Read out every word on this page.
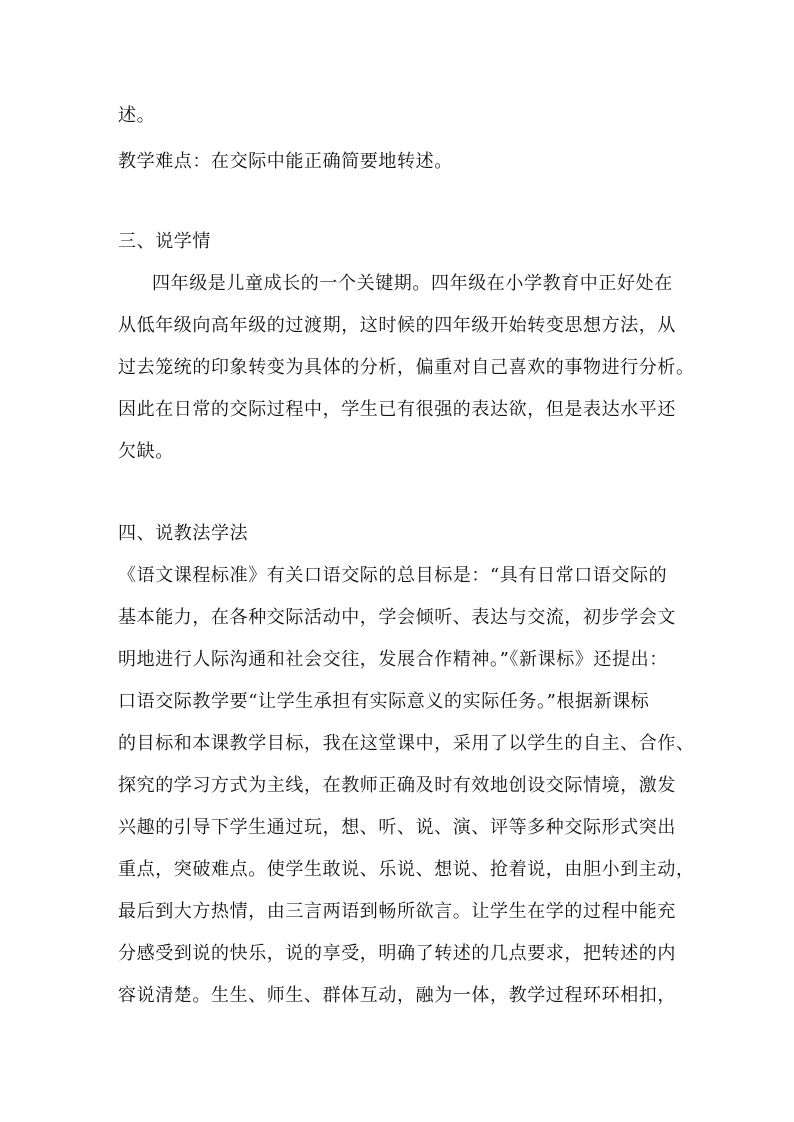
述。
教学难点：在交际中能正确简要地转述。
三、说学情
四年级是儿童成长的一个关键期。四年级在小学教育中正好处在
从低年级向高年级的过渡期，这时候的四年级开始转变思想方法，从
过去笼统的印象转变为具体的分析，偏重对自己喜欢的事物进行分析。
因此在日常的交际过程中，学生已有很强的表达欲，但是表达水平还
欠缺。
四、说教法学法
《语文课程标准》有关口语交际的总目标是：“具有日常口语交际的
基本能力，在各种交际活动中，学会倾听、表达与交流，初步学会文
明地进行人际沟通和社会交往，发展合作精神。”《新课标》还提出：
口语交际教学要“让学生承担有实际意义的实际任务。”根据新课标
的目标和本课教学目标，我在这堂课中，采用了以学生的自主、合作、
探究的学习方式为主线，在教师正确及时有效地创设交际情境，激发
兴趣的引导下学生通过玩，想、听、说、演、评等多种交际形式突出
重点，突破难点。使学生敢说、乐说、想说、抢着说，由胆小到主动，
最后到大方热情，由三言两语到畅所欲言。让学生在学的过程中能充
分感受到说的快乐，说的享受，明确了转述的几点要求，把转述的内
容说清楚。生生、师生、群体互动，融为一体，教学过程环环相扣，
